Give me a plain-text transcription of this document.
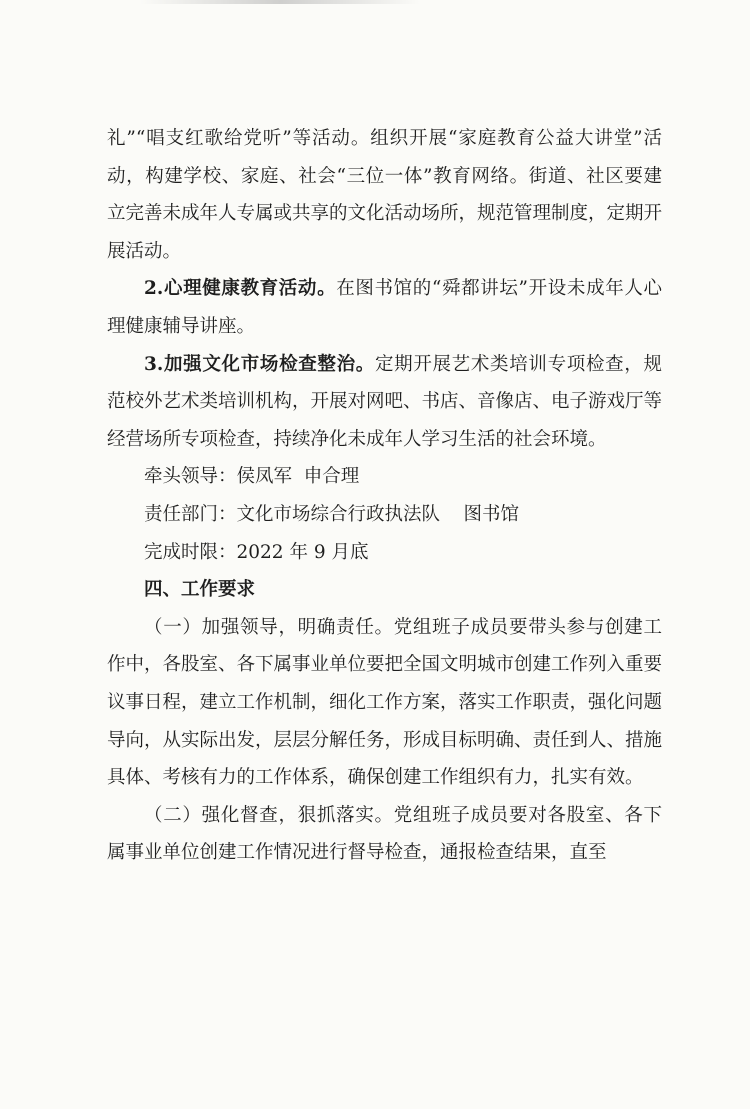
礼”“唱支红歌给党听”等活动。组织开展“家庭教育公益大讲堂”活动，构建学校、家庭、社会“三位一体”教育网络。街道、社区要建立完善未成年人专属或共享的文化活动场所，规范管理制度，定期开展活动。

2.心理健康教育活动。在图书馆的“舜都讲坛”开设未成年人心理健康辅导讲座。

3.加强文化市场检查整治。定期开展艺术类培训专项检查，规范校外艺术类培训机构，开展对网吧、书店、音像店、电子游戏厅等经营场所专项检查，持续净化未成年人学习生活的社会环境。

牵头领导：侯凤军  申合理

责任部门：文化市场综合行政执法队    图书馆

完成时限：2022 年 9 月底

四、工作要求

（一）加强领导，明确责任。党组班子成员要带头参与创建工作中，各股室、各下属事业单位要把全国文明城市创建工作列入重要议事日程，建立工作机制，细化工作方案，落实工作职责，强化问题导向，从实际出发，层层分解任务，形成目标明确、责任到人、措施具体、考核有力的工作体系，确保创建工作组织有力，扎实有效。

（二）强化督查，狠抓落实。党组班子成员要对各股室、各下属事业单位创建工作情况进行督导检查，通报检查结果，直至
